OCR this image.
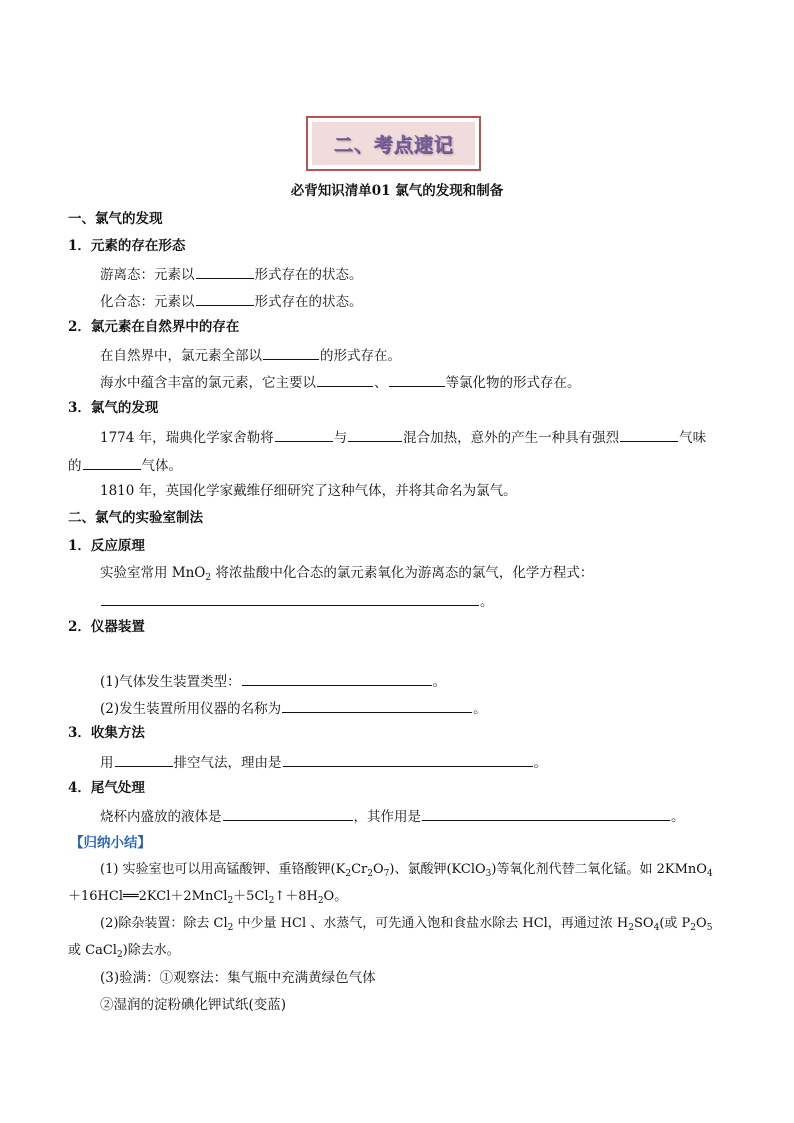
二、考点速记
必背知识清单01 氯气的发现和制备
一、氯气的发现
1．元素的存在形态
游离态：元素以	形式存在的状态。
化合态：元素以	形式存在的状态。
2．氯元素在自然界中的存在
在自然界中，氯元素全部以	的形式存在。
海水中蕴含丰富的氯元素，它主要以	、	等氯化物的形式存在。
3．氯气的发现
1774 年，瑞典化学家舍勒将	与	混合加热，意外的产生一种具有强烈	气味
的	气体。
1810 年，英国化学家戴维仔细研究了这种气体，并将其命名为氯气。
二、氯气的实验室制法
1．反应原理
实验室常用 MnO$_2$ 将浓盐酸中化合态的氯元素氧化为游离态的氯气，化学方程式：
。
2．仪器装置
(1)气体发生装置类型：	。
(2)发生装置所用仪器的名称为	。
3．收集方法
用	排空气法，理由是	。
4．尾气处理
烧杯内盛放的液体是	，其作用是	。
【归纳小结】
(1) 实验室也可以用高锰酸钾、重铬酸钾$(K_2Cr_2O_7)$、氯酸钾(KClO$_3$)等氧化剂代替二氧化锰。如 2KMnO$_4$
$+16HCl══2KCl+2MnCl_2+5Cl_2↑+8H_2O$。
(2)除杂装置：除去 $Cl_2$ 中少量 HCl 、水蒸气，可先通入饱和食盐水除去 HCl，再通过浓 $H_2SO_4$(或 $P_2O_5$
或 CaCl$_2$)除去水。
(3)验满：①观察法：集气瓶中充满黄绿色气体
②湿润的淀粉碘化钾试纸(变蓝)
